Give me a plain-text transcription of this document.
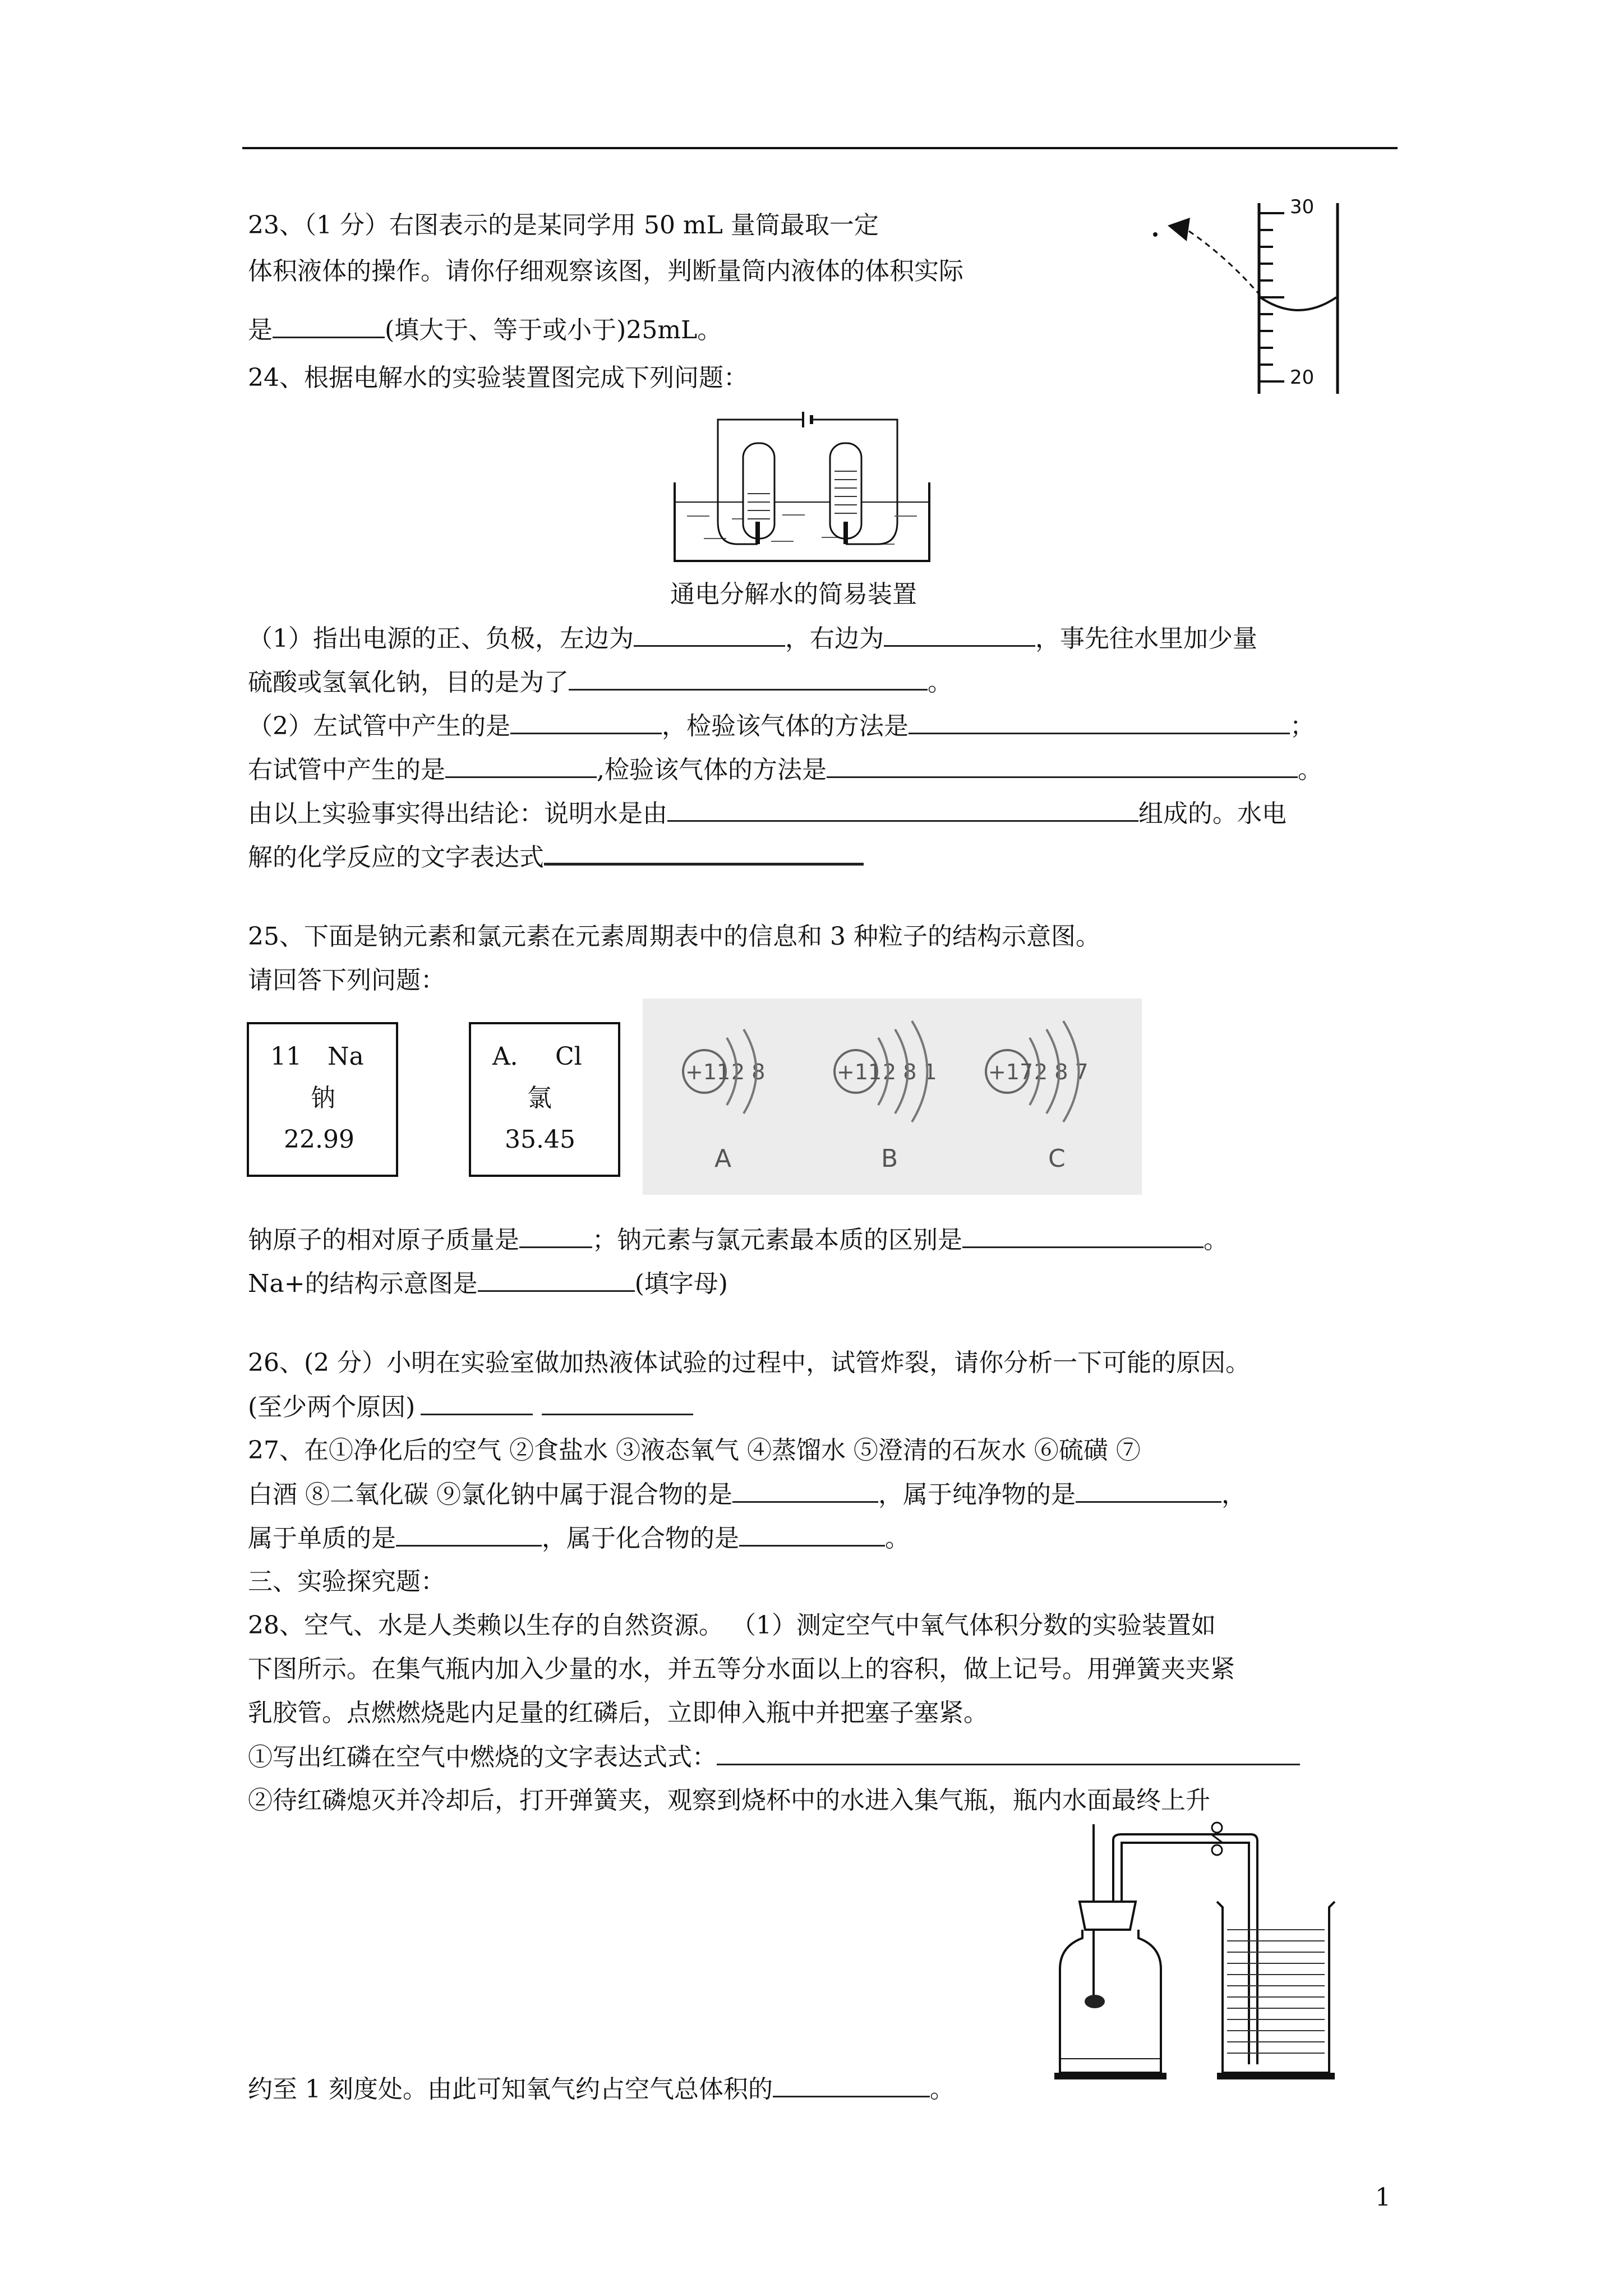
23、（1 分）右图表示的是某同学用 50 mL 量筒最取一定
体积液体的操作。请你仔细观察该图，判断量筒内液体的体积实际
是	(填大于、等于或小于)25mL。
30
20
24、根据电解水的实验装置图完成下列问题：
通电分解水的简易装置
（1）指出电源的正、负极，左边为	，右边为	，事先往水里加少量
硫酸或氢氧化钠，目的是为了	。
（2）左试管中产生的是	，检验该气体的方法是	；
右试管中产生的是	,检验该气体的方法是	。
由以上实验事实得出结论：说明水是由	组成的。水电
解的化学反应的文字表达式
25、下面是钠元素和氯元素在元素周期表中的信息和 3 种粒子的结构示意图。
请回答下列问题：
11 Na
钠
22.99
A． Cl
氯
35.45
+11 2 8
A
+11 2 8 1
B
+17 2 8 7
C
钠原子的相对原子质量是	；钠元素与氯元素最本质的区别是	。
Na+的结构示意图是	(填字母)
26、(2 分）小明在实验室做加热液体试验的过程中，试管炸裂，请你分析一下可能的原因。
(至少两个原因)
27、在①净化后的空气 ②食盐水 ③液态氧气 ④蒸馏水 ⑤澄清的石灰水 ⑥硫磺 ⑦
白酒 ⑧二氧化碳 ⑨氯化钠中属于混合物的是	，属于纯净物的是	，
属于单质的是	，属于化合物的是	。
三、实验探究题：
28、空气、水是人类赖以生存的自然资源。 （1）测定空气中氧气体积分数的实验装置如
下图所示。在集气瓶内加入少量的水，并五等分水面以上的容积，做上记号。用弹簧夹夹紧
乳胶管。点燃燃烧匙内足量的红磷后，立即伸入瓶中并把塞子塞紧。
①写出红磷在空气中燃烧的文字表达式式：
②待红磷熄灭并冷却后，打开弹簧夹，观察到烧杯中的水进入集气瓶，瓶内水面最终上升
约至 1 刻度处。由此可知氧气约占空气总体积的	。
1
